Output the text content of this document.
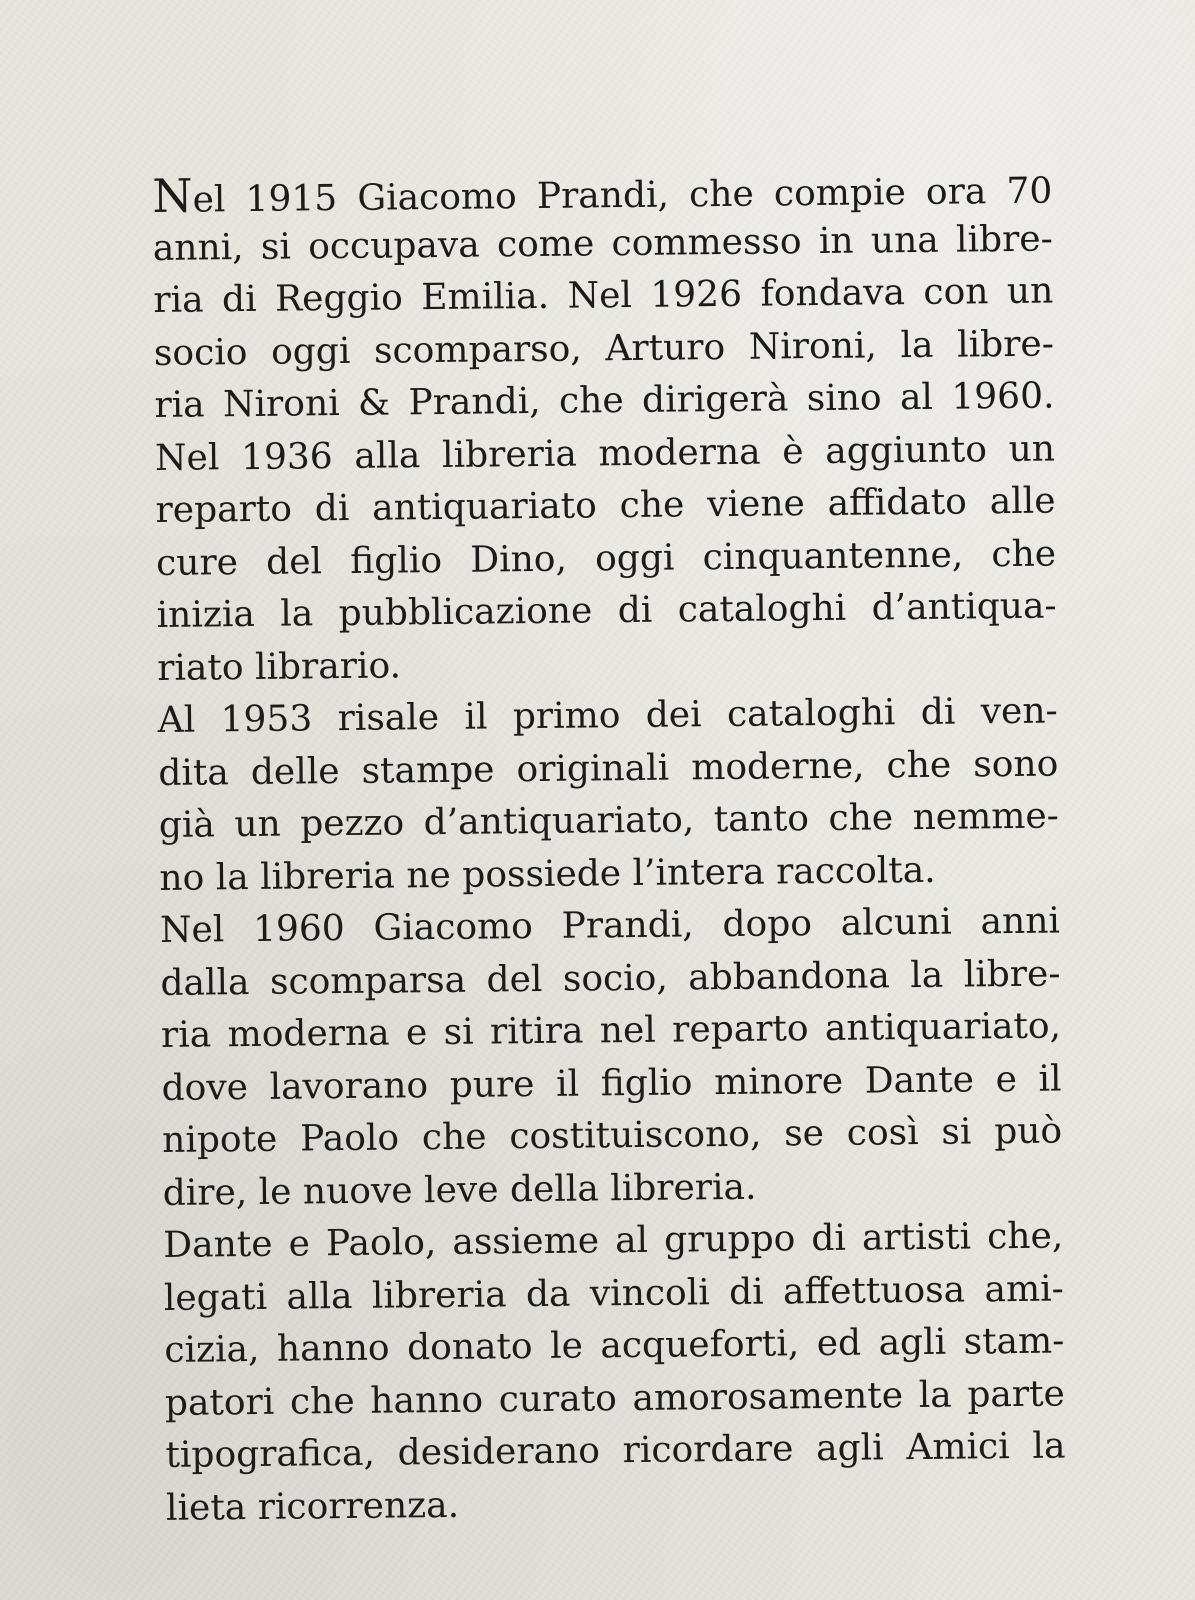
Nel 1915 Giacomo Prandi, che compie ora 70
anni, si occupava come commesso in una libre-
ria di Reggio Emilia. Nel 1926 fondava con un
socio oggi scomparso, Arturo Nironi, la libre-
ria Nironi & Prandi, che dirigerà sino al 1960.
Nel 1936 alla libreria moderna è aggiunto un
reparto di antiquariato che viene affidato alle
cure del figlio Dino, oggi cinquantenne, che
inizia la pubblicazione di cataloghi d’antiqua-
riato librario.
Al 1953 risale il primo dei cataloghi di ven-
dita delle stampe originali moderne, che sono
già un pezzo d’antiquariato, tanto che nemme-
no la libreria ne possiede l’intera raccolta.
Nel 1960 Giacomo Prandi, dopo alcuni anni
dalla scomparsa del socio, abbandona la libre-
ria moderna e si ritira nel reparto antiquariato,
dove lavorano pure il figlio minore Dante e il
nipote Paolo che costituiscono, se così si può
dire, le nuove leve della libreria.
Dante e Paolo, assieme al gruppo di artisti che,
legati alla libreria da vincoli di affettuosa ami-
cizia, hanno donato le acqueforti, ed agli stam-
patori che hanno curato amorosamente la parte
tipografica, desiderano ricordare agli Amici la
lieta ricorrenza.
